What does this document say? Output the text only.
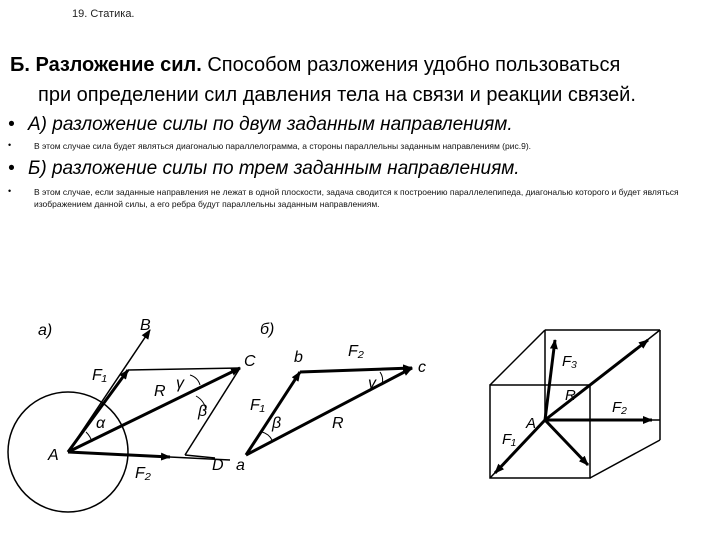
19. Статика.
Б. Разложение сил. Способом разложения удобно пользоваться
при определении сил давления тела на связи и реакции связей.
• А) разложение силы по двум заданным направлениям.
•	В этом случае сила будет являться диагональю параллелограмма, а стороны параллельны заданным направлениям (рис.9).
• Б) разложение силы по трем заданным направлениям.
•	В этом случае, если заданные направления не лежат в одной плоскости, задача сводится к построению параллелепипеда, диагональю которого и будет являться изображением данной силы, а его ребра будут параллельны заданным направлениям.
а)	B
C
A
D
F₁
F₂
R
α
β
γ
б)
b
c
a
F₁
F₂
R
β
γ
A
F₃
R
F₂
F₁
